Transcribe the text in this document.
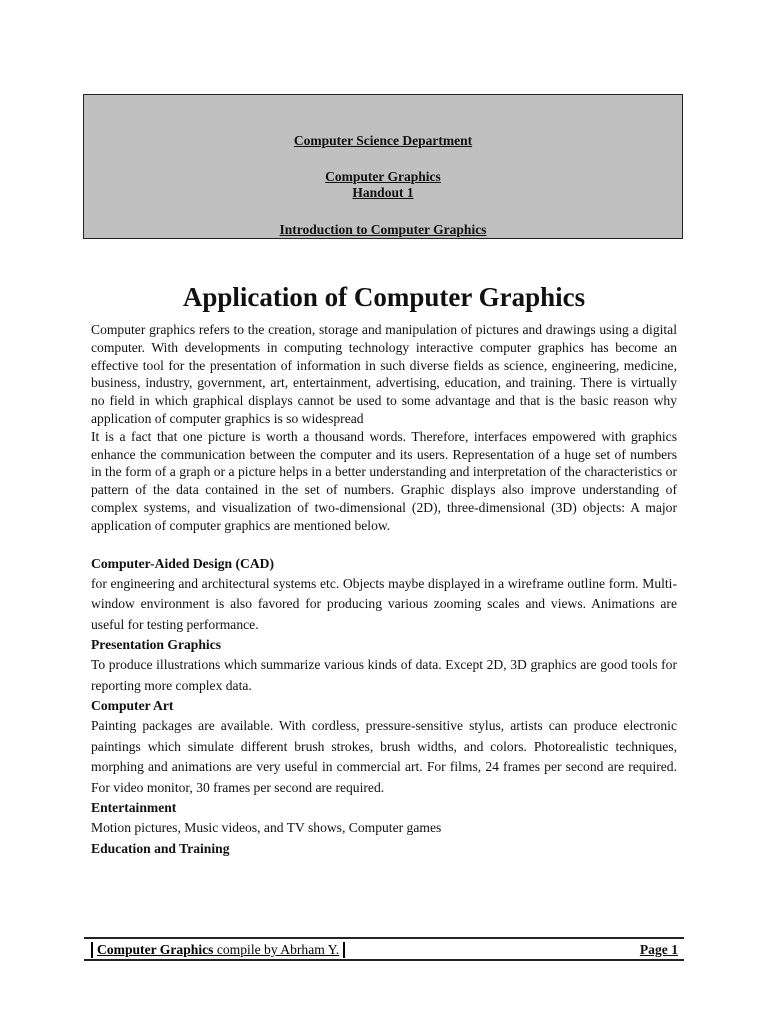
Computer Science Department
Computer Graphics
Handout 1
Introduction to Computer Graphics
Application of Computer Graphics

Computer graphics refers to the creation, storage and manipulation of pictures and drawings using a digital computer. With developments in computing technology interactive computer graphics has become an effective tool for the presentation of information in such diverse fields as science, engineering, medicine, business, industry, government, art, entertainment, advertising, education, and training. There is virtually no field in which graphical displays cannot be used to some advantage and that is the basic reason why application of computer graphics is so widespread

It is a fact that one picture is worth a thousand words. Therefore, interfaces empowered with graphics enhance the communication between the computer and its users. Representation of a huge set of numbers in the form of a graph or a picture helps in a better understanding and interpretation of the characteristics or pattern of the data contained in the set of numbers. Graphic displays also improve understanding of complex systems, and visualization of two-dimensional (2D), three-dimensional (3D) objects: A major application of computer graphics are mentioned below.

Computer-Aided Design (CAD)

for engineering and architectural systems etc. Objects maybe displayed in a wireframe outline form. Multi-window environment is also favored for producing various zooming scales and views. Animations are useful for testing performance.

Presentation Graphics

To produce illustrations which summarize various kinds of data. Except 2D, 3D graphics are good tools for reporting more complex data.

Computer Art

Painting packages are available. With cordless, pressure-sensitive stylus, artists can produce electronic paintings which simulate different brush strokes, brush widths, and colors. Photorealistic techniques, morphing and animations are very useful in commercial art. For films, 24 frames per second are required. For video monitor, 30 frames per second are required.

Entertainment

Motion pictures, Music videos, and TV shows, Computer games

Education and Training
Computer Graphics compile by Abrham Y.	Page 1
